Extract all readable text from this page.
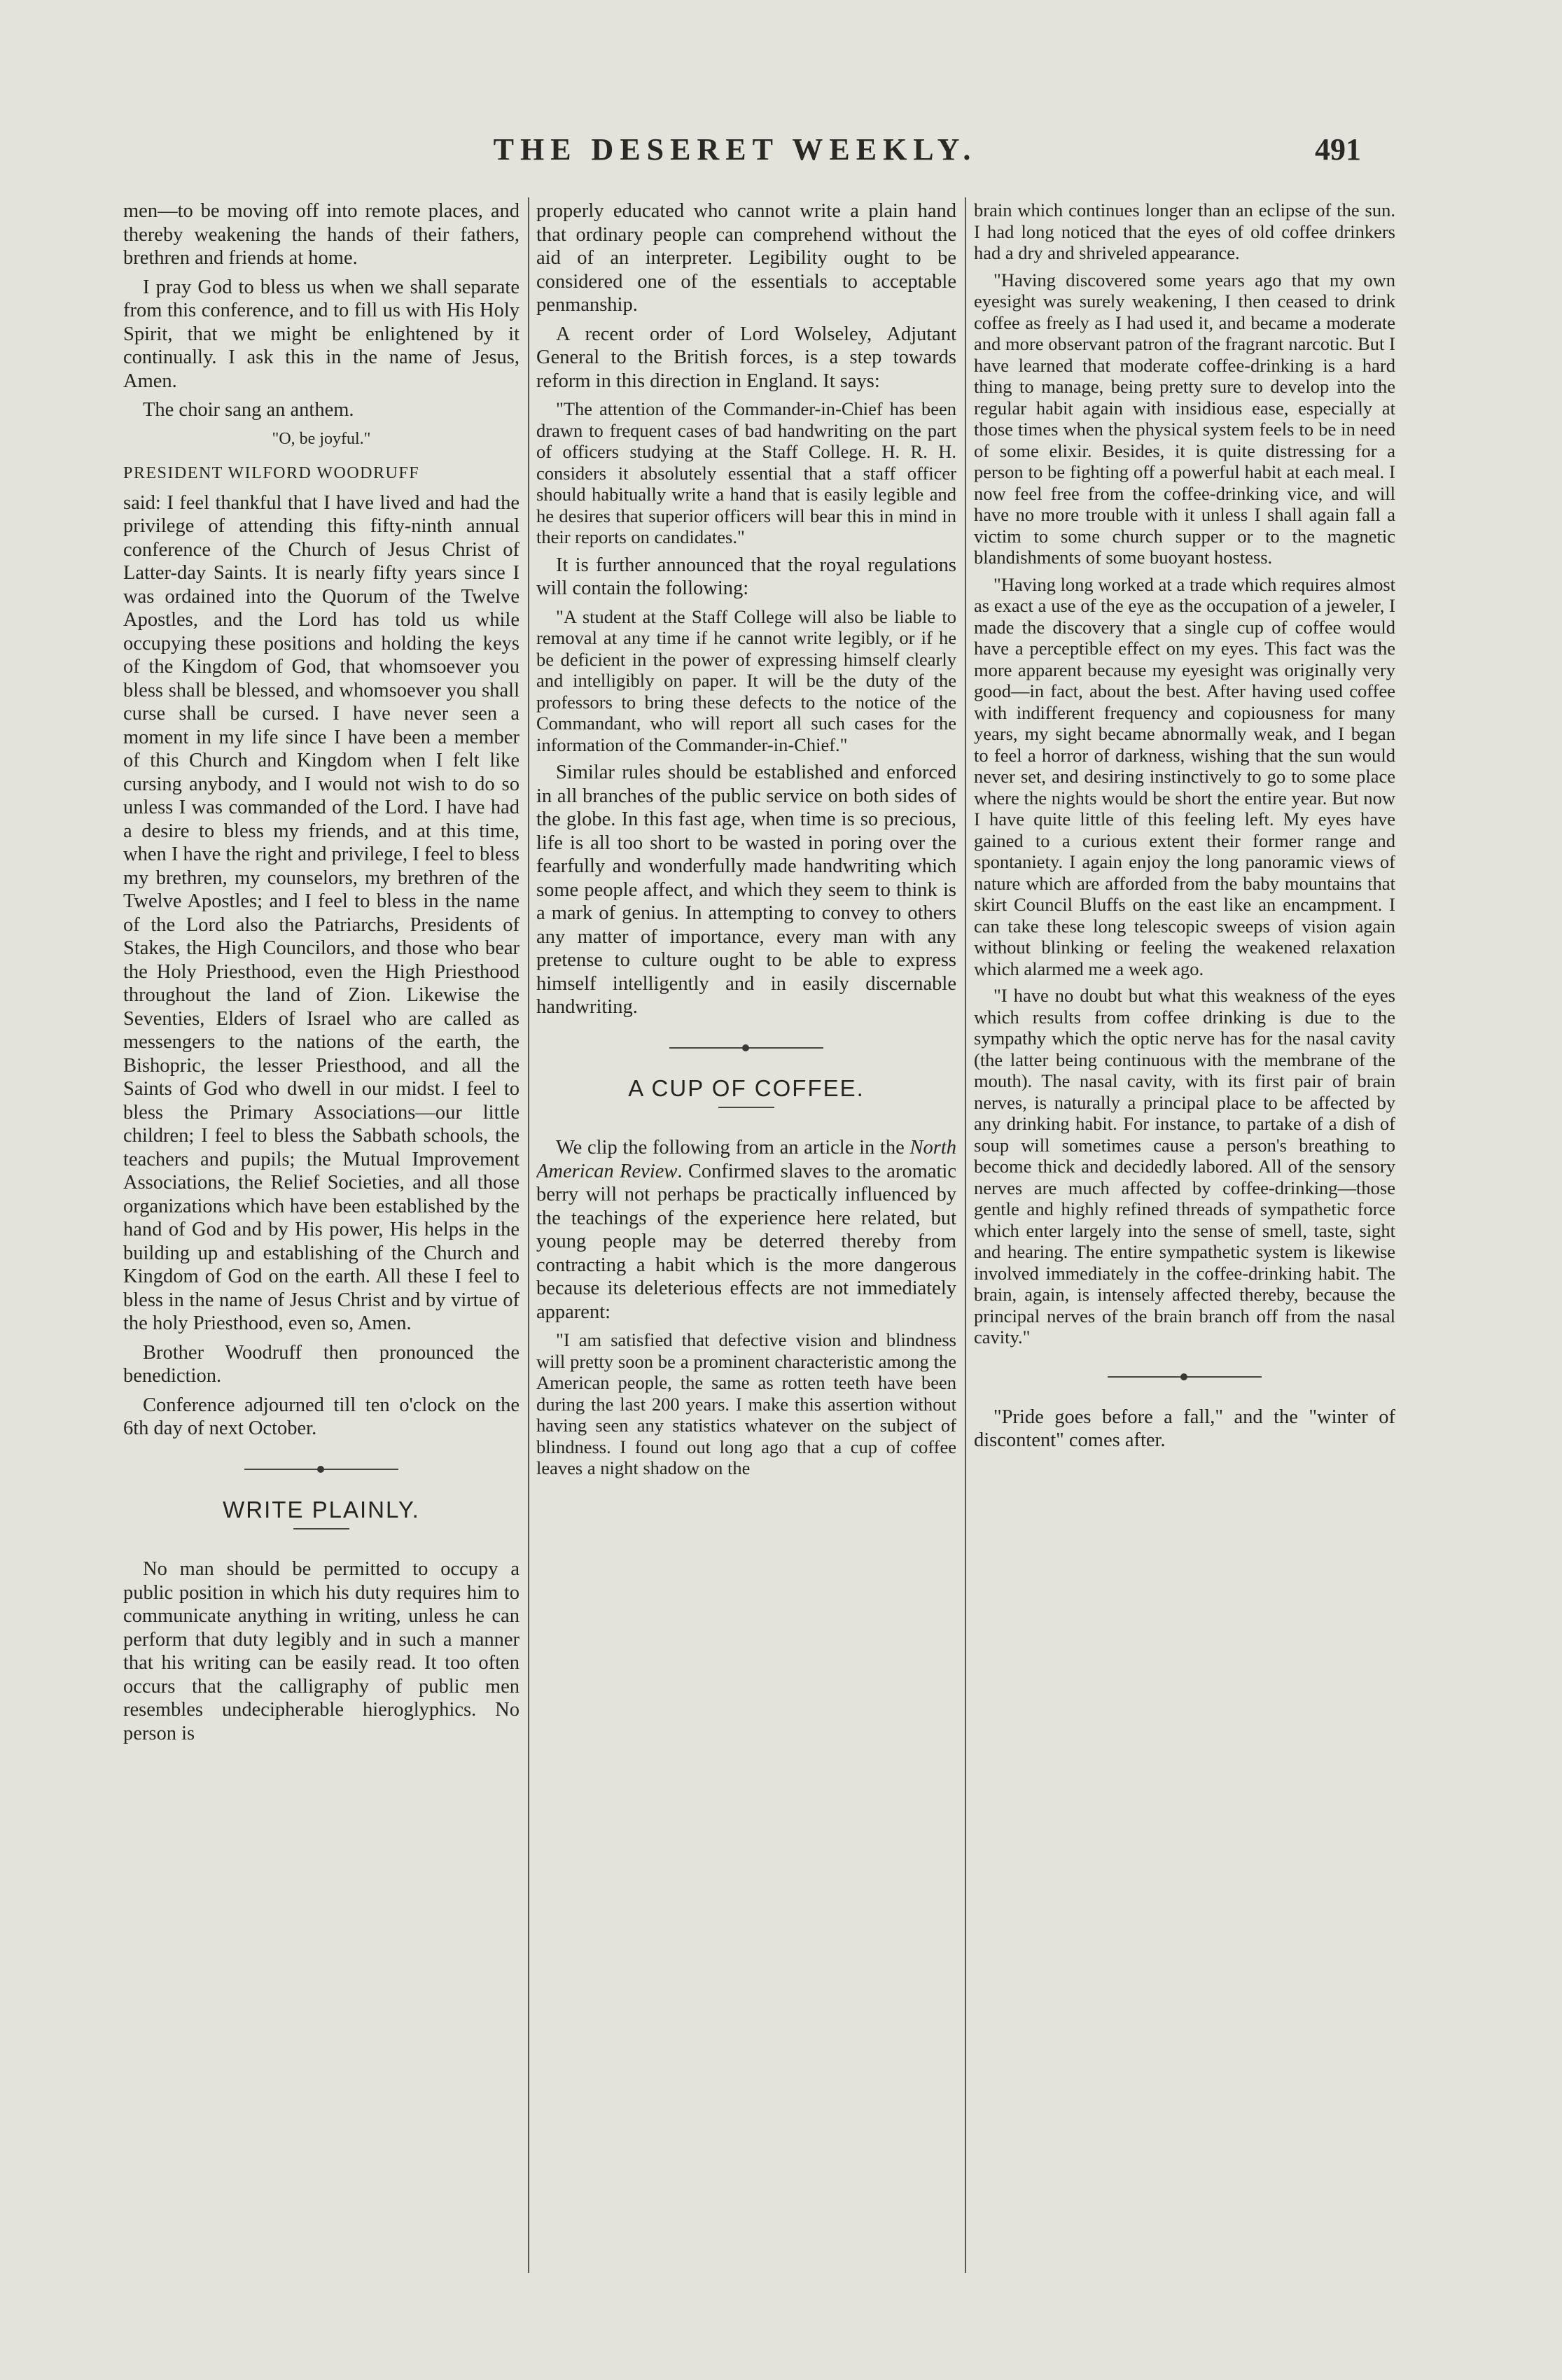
THE DESERET WEEKLY.	491

men—to be moving off into remote places, and thereby weakening the hands of their fathers, brethren and friends at home.

I pray God to bless us when we shall separate from this conference, and to fill us with His Holy Spirit, that we might be enlightened by it continually. I ask this in the name of Jesus, Amen.

The choir sang an anthem.

"O, be joyful."

PRESIDENT WILFORD WOODRUFF

said: I feel thankful that I have lived and had the privilege of attending this fifty-ninth annual conference of the Church of Jesus Christ of Latter-day Saints. It is nearly fifty years since I was ordained into the Quorum of the Twelve Apostles, and the Lord has told us while occupying these positions and holding the keys of the Kingdom of God, that whomsoever you bless shall be blessed, and whomsoever you shall curse shall be cursed. I have never seen a moment in my life since I have been a member of this Church and Kingdom when I felt like cursing anybody, and I would not wish to do so unless I was commanded of the Lord. I have had a desire to bless my friends, and at this time, when I have the right and privilege, I feel to bless my brethren, my counselors, my brethren of the Twelve Apostles; and I feel to bless in the name of the Lord also the Patriarchs, Presidents of Stakes, the High Councilors, and those who bear the Holy Priesthood, even the High Priesthood throughout the land of Zion. Likewise the Seventies, Elders of Israel who are called as messengers to the nations of the earth, the Bishopric, the lesser Priesthood, and all the Saints of God who dwell in our midst. I feel to bless the Primary Associations—our little children; I feel to bless the Sabbath schools, the teachers and pupils; the Mutual Improvement Associations, the Relief Societies, and all those organizations which have been established by the hand of God and by His power, His helps in the building up and establishing of the Church and Kingdom of God on the earth. All these I feel to bless in the name of Jesus Christ and by virtue of the holy Priesthood, even so, Amen.

Brother Woodruff then pronounced the benediction.

Conference adjourned till ten o'clock on the 6th day of next October.

WRITE PLAINLY.

No man should be permitted to occupy a public position in which his duty requires him to communicate anything in writing, unless he can perform that duty legibly and in such a manner that his writing can be easily read. It too often occurs that the calligraphy of public men resembles undecipherable hieroglyphics. No person is

properly educated who cannot write a plain hand that ordinary people can comprehend without the aid of an interpreter. Legibility ought to be considered one of the essentials to acceptable penmanship.

A recent order of Lord Wolseley, Adjutant General to the British forces, is a step towards reform in this direction in England. It says:

"The attention of the Commander-in-Chief has been drawn to frequent cases of bad handwriting on the part of officers studying at the Staff College. H. R. H. considers it absolutely essential that a staff officer should habitually write a hand that is easily legible and he desires that superior officers will bear this in mind in their reports on candidates."

It is further announced that the royal regulations will contain the following:

"A student at the Staff College will also be liable to removal at any time if he cannot write legibly, or if he be deficient in the power of expressing himself clearly and intelligibly on paper. It will be the duty of the professors to bring these defects to the notice of the Commandant, who will report all such cases for the information of the Commander-in-Chief."

Similar rules should be established and enforced in all branches of the public service on both sides of the globe. In this fast age, when time is so precious, life is all too short to be wasted in poring over the fearfully and wonderfully made handwriting which some people affect, and which they seem to think is a mark of genius. In attempting to convey to others any matter of importance, every man with any pretense to culture ought to be able to express himself intelligently and in easily discernable handwriting.

A CUP OF COFFEE.

We clip the following from an article in the North American Review. Confirmed slaves to the aromatic berry will not perhaps be practically influenced by the teachings of the experience here related, but young people may be deterred thereby from contracting a habit which is the more dangerous because its deleterious effects are not immediately apparent:

"I am satisfied that defective vision and blindness will pretty soon be a prominent characteristic among the American people, the same as rotten teeth have been during the last 200 years. I make this assertion without having seen any statistics whatever on the subject of blindness. I found out long ago that a cup of coffee leaves a night shadow on the

brain which continues longer than an eclipse of the sun. I had long noticed that the eyes of old coffee drinkers had a dry and shriveled appearance.

"Having discovered some years ago that my own eyesight was surely weakening, I then ceased to drink coffee as freely as I had used it, and became a moderate and more observant patron of the fragrant narcotic. But I have learned that moderate coffee-drinking is a hard thing to manage, being pretty sure to develop into the regular habit again with insidious ease, especially at those times when the physical system feels to be in need of some elixir. Besides, it is quite distressing for a person to be fighting off a powerful habit at each meal. I now feel free from the coffee-drinking vice, and will have no more trouble with it unless I shall again fall a victim to some church supper or to the magnetic blandishments of some buoyant hostess.

"Having long worked at a trade which requires almost as exact a use of the eye as the occupation of a jeweler, I made the discovery that a single cup of coffee would have a perceptible effect on my eyes. This fact was the more apparent because my eyesight was originally very good—in fact, about the best. After having used coffee with indifferent frequency and copiousness for many years, my sight became abnormally weak, and I began to feel a horror of darkness, wishing that the sun would never set, and desiring instinctively to go to some place where the nights would be short the entire year. But now I have quite little of this feeling left. My eyes have gained to a curious extent their former range and spontaniety. I again enjoy the long panoramic views of nature which are afforded from the baby mountains that skirt Council Bluffs on the east like an encampment. I can take these long telescopic sweeps of vision again without blinking or feeling the weakened relaxation which alarmed me a week ago.

"I have no doubt but what this weakness of the eyes which results from coffee drinking is due to the sympathy which the optic nerve has for the nasal cavity (the latter being continuous with the membrane of the mouth). The nasal cavity, with its first pair of brain nerves, is naturally a principal place to be affected by any drinking habit. For instance, to partake of a dish of soup will sometimes cause a person's breathing to become thick and decidedly labored. All of the sensory nerves are much affected by coffee-drinking—those gentle and highly refined threads of sympathetic force which enter largely into the sense of smell, taste, sight and hearing. The entire sympathetic system is likewise involved immediately in the coffee-drinking habit. The brain, again, is intensely affected thereby, because the principal nerves of the brain branch off from the nasal cavity."

"Pride goes before a fall," and the "winter of discontent" comes after.
